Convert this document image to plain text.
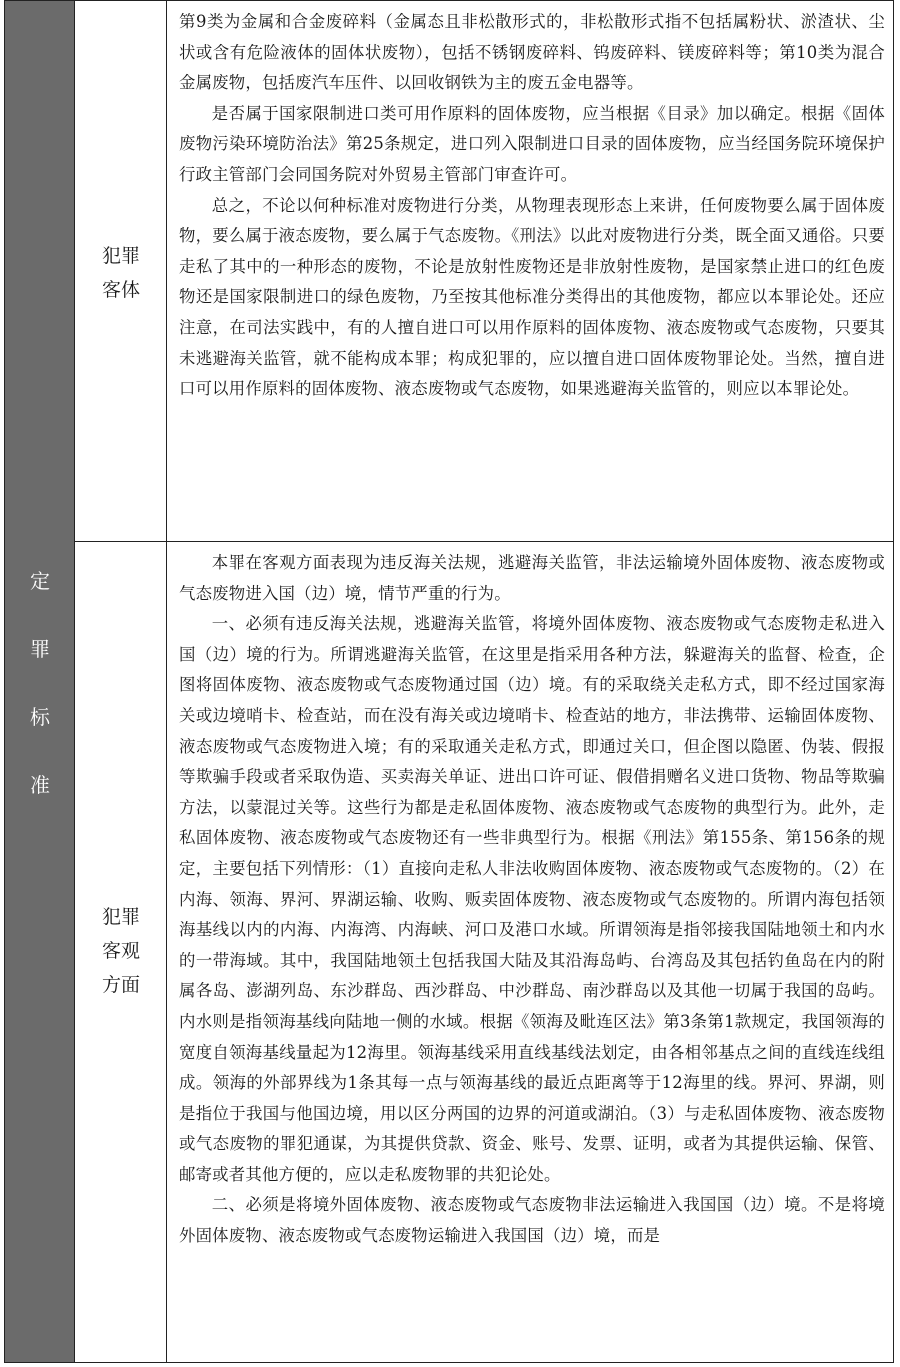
定
罪
标
准
犯罪
客体

第9类为金属和合金废碎料（金属态且非松散形式的，非松散形式指不包括属粉状、淤渣状、尘状或含有危险液体的固体状废物），包括不锈钢废碎料、钨废碎料、镁废碎料等；第10类为混合金属废物，包括废汽车压件、以回收钢铁为主的废五金电器等。

是否属于国家限制进口类可用作原料的固体废物，应当根据《目录》加以确定。根据《固体废物污染环境防治法》第25条规定，进口列入限制进口目录的固体废物，应当经国务院环境保护行政主管部门会同国务院对外贸易主管部门审查许可。

总之，不论以何种标准对废物进行分类，从物理表现形态上来讲，任何废物要么属于固体废物，要么属于液态废物，要么属于气态废物。《刑法》以此对废物进行分类，既全面又通俗。只要走私了其中的一种形态的废物，不论是放射性废物还是非放射性废物，是国家禁止进口的红色废物还是国家限制进口的绿色废物，乃至按其他标准分类得出的其他废物，都应以本罪论处。还应注意，在司法实践中，有的人擅自进口可以用作原料的固体废物、液态废物或气态废物，只要其未逃避海关监管，就不能构成本罪；构成犯罪的，应以擅自进口固体废物罪论处。当然，擅自进口可以用作原料的固体废物、液态废物或气态废物，如果逃避海关监管的，则应以本罪论处。

犯罪
客观
方面

本罪在客观方面表现为违反海关法规，逃避海关监管，非法运输境外固体废物、液态废物或气态废物进入国（边）境，情节严重的行为。

一、必须有违反海关法规，逃避海关监管，将境外固体废物、液态废物或气态废物走私进入国（边）境的行为。所谓逃避海关监管，在这里是指采用各种方法，躲避海关的监督、检查，企图将固体废物、液态废物或气态废物通过国（边）境。有的采取绕关走私方式，即不经过国家海关或边境哨卡、检查站，而在没有海关或边境哨卡、检查站的地方，非法携带、运输固体废物、液态废物或气态废物进入境；有的采取通关走私方式，即通过关口，但企图以隐匿、伪装、假报等欺骗手段或者采取伪造、买卖海关单证、进出口许可证、假借捐赠名义进口货物、物品等欺骗方法，以蒙混过关等。这些行为都是走私固体废物、液态废物或气态废物的典型行为。此外，走私固体废物、液态废物或气态废物还有一些非典型行为。根据《刑法》第155条、第156条的规定，主要包括下列情形：（1）直接向走私人非法收购固体废物、液态废物或气态废物的。（2）在内海、领海、界河、界湖运输、收购、贩卖固体废物、液态废物或气态废物的。所谓内海包括领海基线以内的内海、内海湾、内海峡、河口及港口水域。所谓领海是指邻接我国陆地领土和内水的一带海域。其中，我国陆地领土包括我国大陆及其沿海岛屿、台湾岛及其包括钓鱼岛在内的附属各岛、澎湖列岛、东沙群岛、西沙群岛、中沙群岛、南沙群岛以及其他一切属于我国的岛屿。内水则是指领海基线向陆地一侧的水域。根据《领海及毗连区法》第3条第1款规定，我国领海的宽度自领海基线量起为12海里。领海基线采用直线基线法划定，由各相邻基点之间的直线连线组成。领海的外部界线为1条其每一点与领海基线的最近点距离等于12海里的线。界河、界湖，则是指位于我国与他国边境，用以区分两国的边界的河道或湖泊。（3）与走私固体废物、液态废物或气态废物的罪犯通谋，为其提供贷款、资金、账号、发票、证明，或者为其提供运输、保管、邮寄或者其他方便的，应以走私废物罪的共犯论处。

二、必须是将境外固体废物、液态废物或气态废物非法运输进入我国国（边）境。不是将境外固体废物、液态废物或气态废物运输进入我国国（边）境，而是
